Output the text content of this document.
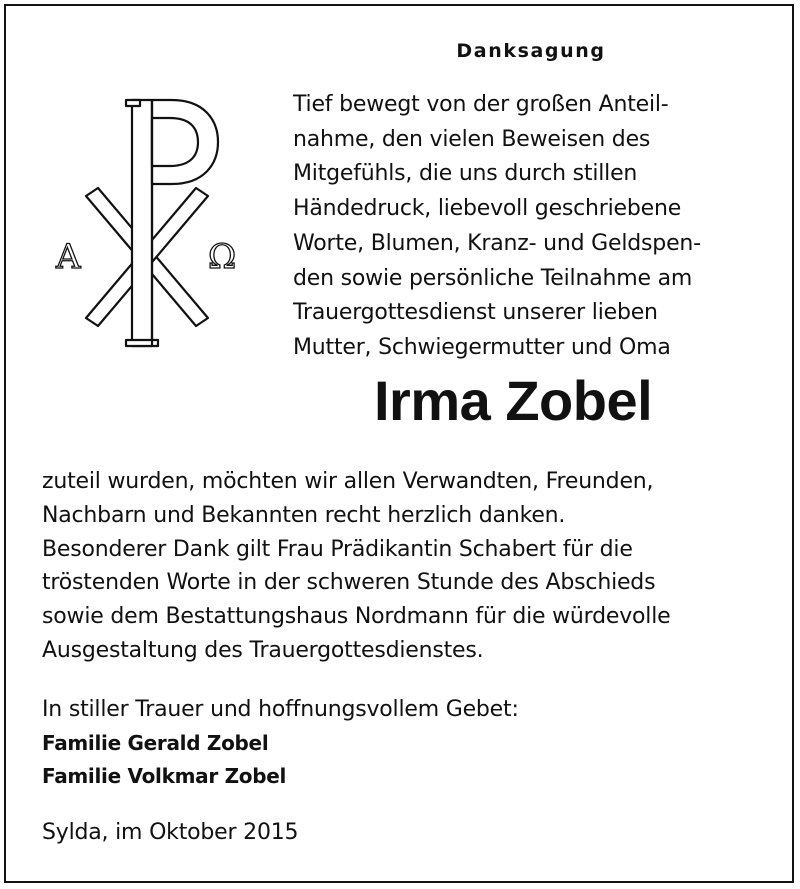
Danksagung
A	Ω
Tief bewegt von der großen Anteil-
nahme, den vielen Beweisen des
Mitgefühls, die uns durch stillen
Händedruck, liebevoll geschriebene
Worte, Blumen, Kranz- und Geldspen-
den sowie persönliche Teilnahme am
Trauergottesdienst unserer lieben
Mutter, Schwiegermutter und Oma
Irma Zobel
zuteil wurden, möchten wir allen Verwandten, Freunden,
Nachbarn und Bekannten recht herzlich danken.
Besonderer Dank gilt Frau Prädikantin Schabert für die
tröstenden Worte in der schweren Stunde des Abschieds
sowie dem Bestattungshaus Nordmann für die würdevolle
Ausgestaltung des Trauergottesdienstes.
In stiller Trauer und hoffnungsvollem Gebet:
Familie Gerald Zobel
Familie Volkmar Zobel
Sylda, im Oktober 2015
